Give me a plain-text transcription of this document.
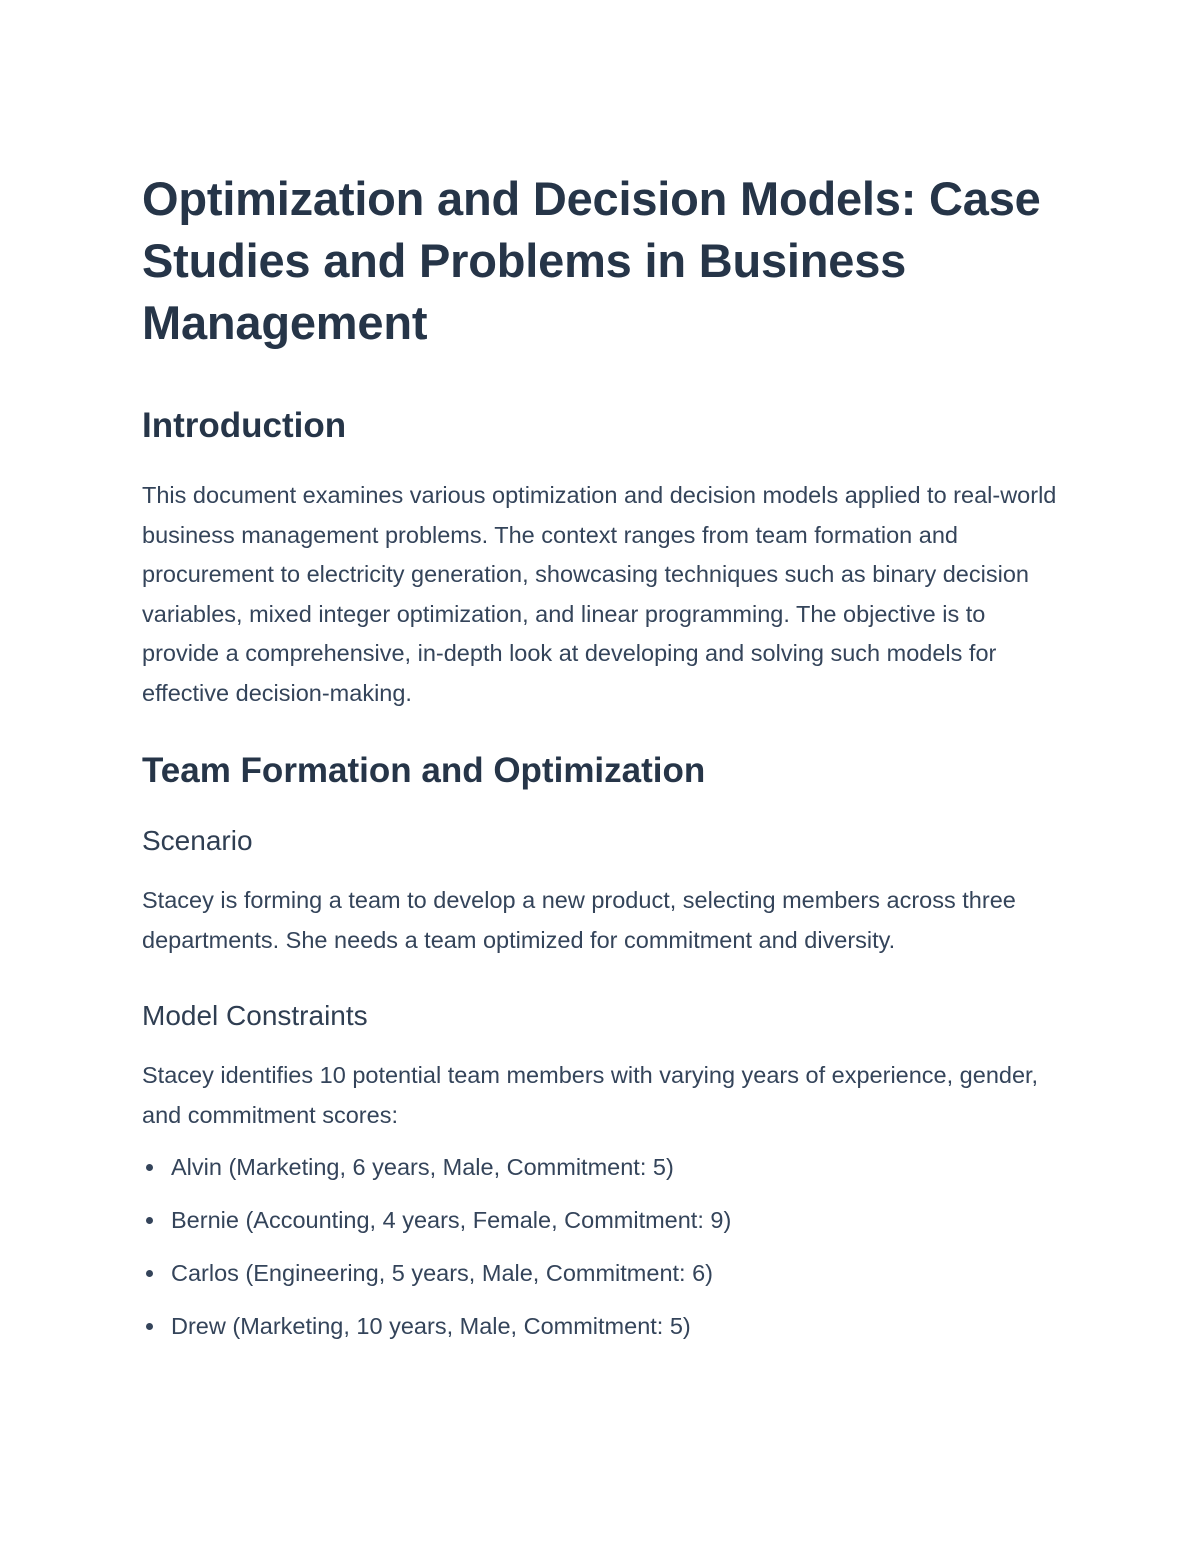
Optimization and Decision Models: Case Studies and Problems in Business Management
Introduction

This document examines various optimization and decision models applied to real-world business management problems. The context ranges from team formation and procurement to electricity generation, showcasing techniques such as binary decision variables, mixed integer optimization, and linear programming. The objective is to provide a comprehensive, in-depth look at developing and solving such models for effective decision-making.

Team Formation and Optimization
Scenario

Stacey is forming a team to develop a new product, selecting members across three departments. She needs a team optimized for commitment and diversity.

Model Constraints

Stacey identifies 10 potential team members with varying years of experience, gender, and commitment scores:

Alvin (Marketing, 6 years, Male, Commitment: 5)
Bernie (Accounting, 4 years, Female, Commitment: 9)
Carlos (Engineering, 5 years, Male, Commitment: 6)
Drew (Marketing, 10 years, Male, Commitment: 5)
